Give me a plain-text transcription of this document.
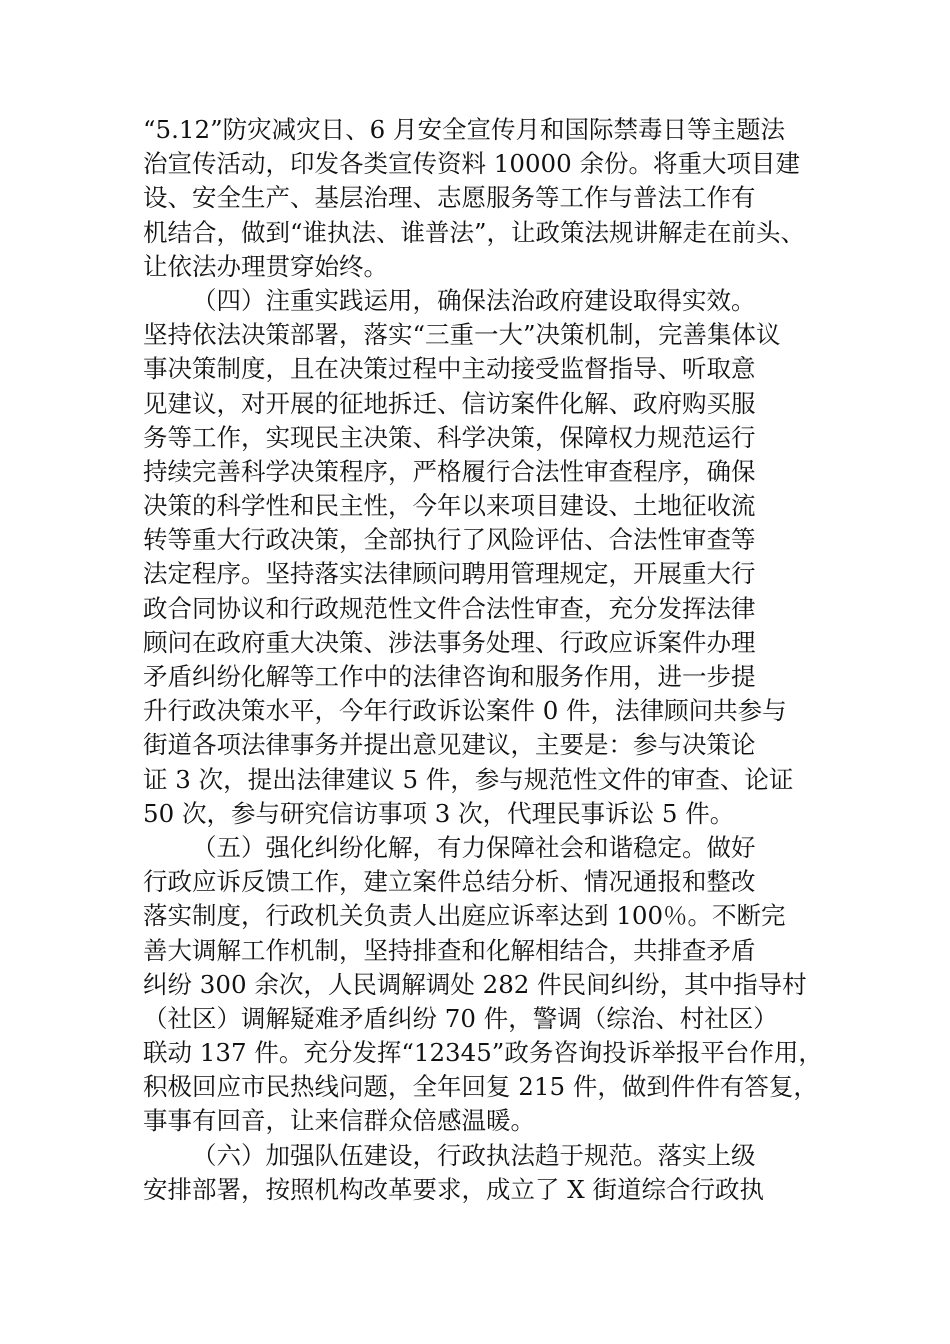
“5.12”防灾减灾日、6 月安全宣传月和国际禁毒日等主题法
治宣传活动，印发各类宣传资料 10000 余份。将重大项目建
设、安全生产、基层治理、志愿服务等工作与普法工作有
机结合，做到“谁执法、谁普法”，让政策法规讲解走在前头、
让依法办理贯穿始终。
（四）注重实践运用，确保法治政府建设取得实效。
坚持依法决策部署，落实“三重一大”决策机制，完善集体议
事决策制度，且在决策过程中主动接受监督指导、听取意
见建议，对开展的征地拆迁、信访案件化解、政府购买服
务等工作，实现民主决策、科学决策，保障权力规范运行
持续完善科学决策程序，严格履行合法性审查程序，确保
决策的科学性和民主性，今年以来项目建设、土地征收流
转等重大行政决策，全部执行了风险评估、合法性审查等
法定程序。坚持落实法律顾问聘用管理规定，开展重大行
政合同协议和行政规范性文件合法性审查，充分发挥法律
顾问在政府重大决策、涉法事务处理、行政应诉案件办理
矛盾纠纷化解等工作中的法律咨询和服务作用，进一步提
升行政决策水平，今年行政诉讼案件 0 件，法律顾问共参与
街道各项法律事务并提出意见建议，主要是：参与决策论
证 3 次，提出法律建议 5 件，参与规范性文件的审查、论证
50 次，参与研究信访事项 3 次，代理民事诉讼 5 件。
（五）强化纠纷化解，有力保障社会和谐稳定。做好
行政应诉反馈工作，建立案件总结分析、情况通报和整改
落实制度，行政机关负责人出庭应诉率达到 100％。不断完
善大调解工作机制，坚持排查和化解相结合，共排查矛盾
纠纷 300 余次，人民调解调处 282 件民间纠纷，其中指导村
（社区）调解疑难矛盾纠纷 70 件，警调（综治、村社区）
联动 137 件。充分发挥“12345”政务咨询投诉举报平台作用，
积极回应市民热线问题，全年回复 215 件，做到件件有答复，
事事有回音，让来信群众倍感温暖。
（六）加强队伍建设，行政执法趋于规范。落实上级
安排部署，按照机构改革要求，成立了 X 街道综合行政执
